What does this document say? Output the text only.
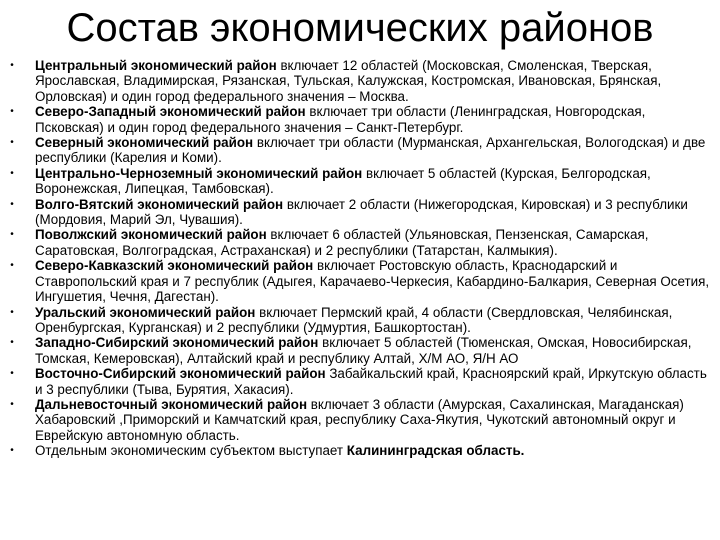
Состав экономических районов
• Центральный экономический район включает 12 областей (Московская, Смоленская, Тверская, Ярославская, Владимирская, Рязанская, Тульская, Калужская, Костромская, Ивановская, Брянская, Орловская) и один город федерального значения – Москва.
• Северо-Западный экономический район включает три области (Ленинградская, Новгородская, Псковская) и один город федерального значения – Санкт-Петербург.
• Северный экономический район включает три области (Мурманская, Архангельская, Вологодская) и две республики (Карелия и Коми).
• Центрально-Черноземный экономический район включает 5 областей (Курская, Белгородская, Воронежская, Липецкая, Тамбовская).
• Волго-Вятский экономический район включает 2 области (Нижегородская, Кировская) и 3 республики (Мордовия, Марий Эл, Чувашия).
• Поволжский экономический район включает 6 областей (Ульяновская, Пензенская, Самарская, Саратовская, Волгоградская, Астраханская) и 2 республики (Татарстан, Калмыкия).
• Северо-Кавказский экономический район включает Ростовскую область, Краснодарский и Ставропольский края и 7 республик (Адыгея, Карачаево-Черкесия, Кабардино-Балкария, Северная Осетия, Ингушетия, Чечня, Дагестан).
• Уральский экономический район включает Пермский край, 4 области (Свердловская, Челябинская, Оренбургская, Курганская) и 2 республики (Удмуртия, Башкортостан).
• Западно-Сибирский экономический район включает 5 областей (Тюменская, Омская, Новосибирская, Томская, Кемеровская), Алтайский край и республику Алтай, Х/М АО, Я/Н АО
• Восточно-Сибирский экономический район Забайкальский край, Красноярский край, Иркутскую область и 3 республики (Тыва, Бурятия, Хакасия).
• Дальневосточный экономический район включает 3 области (Амурская, Сахалинская, Магаданская) Хабаровский ,Приморский и Камчатский края, республику Саха-Якутия, Чукотский автономный округ и Еврейскую автономную область.
• Отдельным экономическим субъектом выступает Калининградская область.
